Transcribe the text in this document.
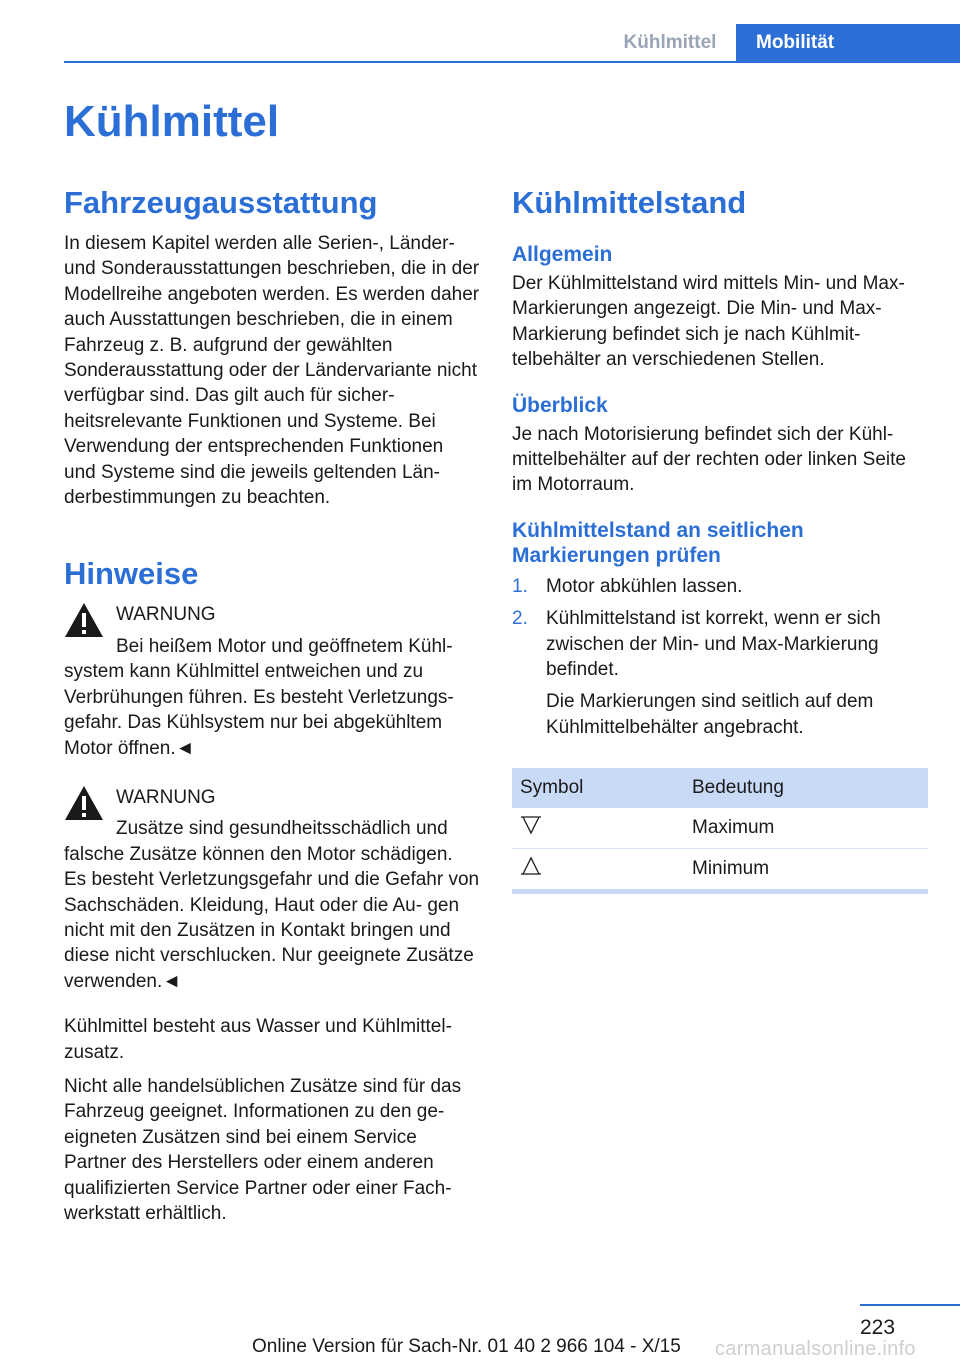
Kühlmittel	Mobilität
Kühlmittel
Fahrzeugausstattung

In diesem Kapitel werden alle Serien-, Länder- und Sonderausstattungen beschrieben, die in der Modellreihe angeboten werden. Es werden daher auch Ausstattungen beschrieben, die in einem Fahrzeug z. B. aufgrund der gewählten Sonderausstattung oder der Ländervariante nicht verfügbar sind. Das gilt auch für sicher- heitsrelevante Funktionen und Systeme. Bei Verwendung der entsprechenden Funktionen und Systeme sind die jeweils geltenden Län- derbestimmungen zu beachten.

Hinweise

WARNUNG

Bei heißem Motor und geöffnetem Kühl- system kann Kühlmittel entweichen und zu Verbrühungen führen. Es besteht Verletzungs- gefahr. Das Kühlsystem nur bei abgekühltem Motor öffnen.◄

WARNUNG

Zusätze sind gesundheitsschädlich und falsche Zusätze können den Motor schädigen. Es besteht Verletzungsgefahr und die Gefahr von Sachschäden. Kleidung, Haut oder die Au- gen nicht mit den Zusätzen in Kontakt bringen und diese nicht verschlucken. Nur geeignete Zusätze verwenden.◄

Kühlmittel besteht aus Wasser und Kühlmittel- zusatz.

Nicht alle handelsüblichen Zusätze sind für das Fahrzeug geeignet. Informationen zu den ge- eigneten Zusätzen sind bei einem Service Partner des Herstellers oder einem anderen qualifizierten Service Partner oder einer Fach- werkstatt erhältlich.

Kühlmittelstand
Allgemein

Der Kühlmittelstand wird mittels Min- und Max-Markierungen angezeigt. Die Min- und Max-Markierung befindet sich je nach Kühlmit- telbehälter an verschiedenen Stellen.

Überblick

Je nach Motorisierung befindet sich der Kühl- mittelbehälter auf der rechten oder linken Seite im Motorraum.

Kühlmittelstand an seitlichen Markierungen prüfen
1. Motor abkühlen lassen.
2. Kühlmittelstand ist korrekt, wenn er sich zwischen der Min- und Max-Markierung befindet.

Die Markierungen sind seitlich auf dem Kühlmittelbehälter angebracht.

Symbol	Bedeutung
	Maximum
	Minimum
223
Online Version für Sach-Nr. 01 40 2 966 104 - X/15 carmanualsonline.info
